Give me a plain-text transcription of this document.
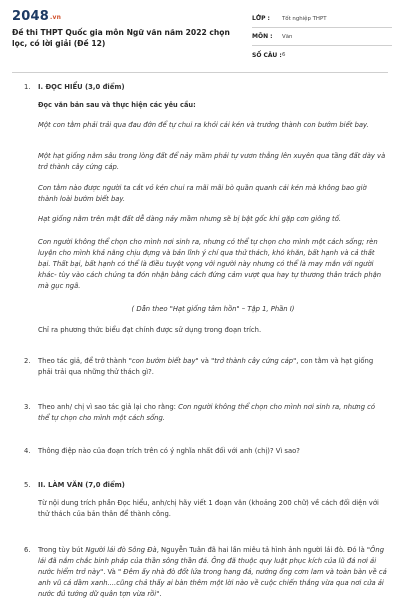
2048.vn
Đề thi THPT Quốc gia môn Ngữ văn năm 2022 chọn lọc, có lời giải (Đề 12)
LỚP :	Tốt nghiệp THPT
MÔN :	Văn
SỐ CÂU : 6
1. I. ĐỌC HIỂU (3,0 điểm)
Đọc văn bản sau và thực hiện các yêu cầu:
Một con tằm phải trải qua đau đớn để tự chui ra khỏi cái kén và trưởng thành con bướm biết bay.
Một hạt giống nằm sâu trong lòng đất để nảy mầm phải tự vươn thẳng lên xuyên qua tầng đất dày và trở thành cây cứng cáp.
Con tằm nào được người ta cắt vỏ kén chui ra mãi mãi bò quần quanh cái kén mà không bao giờ thành loài bướm biết bay.
Hạt giống nằm trên mặt đất dễ dàng nảy mầm nhưng sẽ bị bật gốc khi gặp cơn giông tố.
Con người không thể chọn cho mình nơi sinh ra, nhưng có thể tự chọn cho mình một cách sống; rèn luyện cho mình khả năng chịu đựng và bản lĩnh ý chí qua thử thách, khó khăn, bất hạnh và cả thất bại. Thất bại, bất hạnh có thể là điều tuyệt vọng với người này nhưng có thể là may mắn với người khác- tùy vào cách chúng ta đón nhận bằng cách đứng cảm vượt qua hay tự thương thân trách phận mà gục ngã.
( Dẫn theo "Hạt giống tâm hồn" – Tập 1, Phần I)
Chỉ ra phương thức biểu đạt chính được sử dụng trong đoạn trích.
2. Theo tác giả, để trở thành "con bướm biết bay" và "trở thành cây cứng cáp", con tằm và hạt giống phải trải qua những thử thách gì?.
3. Theo anh/ chị vì sao tác giả lại cho rằng: Con người không thể chọn cho mình nơi sinh ra, nhưng có thể tự chọn cho mình một cách sống.
4. Thông điệp nào của đoạn trích trên có ý nghĩa nhất đối với anh (chị)? Vì sao?
5. II. LÀM VĂN (7,0 điểm)
Từ nội dung trích phần Đọc hiểu, anh/chị hãy viết 1 đoạn văn (khoảng 200 chữ) về cách đối diện với thử thách của bản thân để thành công.
6. Trong tùy bút Người lái đò Sông Đà, Nguyễn Tuân đã hai lần miêu tả hình ảnh người lái đò. Đó là "Ông lái đã nắm chắc binh pháp của thần sông thần đá. Ông đã thuộc quy luật phục kích của lũ đá nơi ải nước hiểm trở này". Và " Đêm ấy nhà đò đốt lửa trong hang đá, nướng ống cơm lam và toàn bàn về cá anh vũ cá dầm xanh....cũng chả thấy ai bàn thêm một lời nào về cuộc chiến thắng vừa qua nơi cửa ải nước đủ tướng dữ quân tợn vừa rồi".
